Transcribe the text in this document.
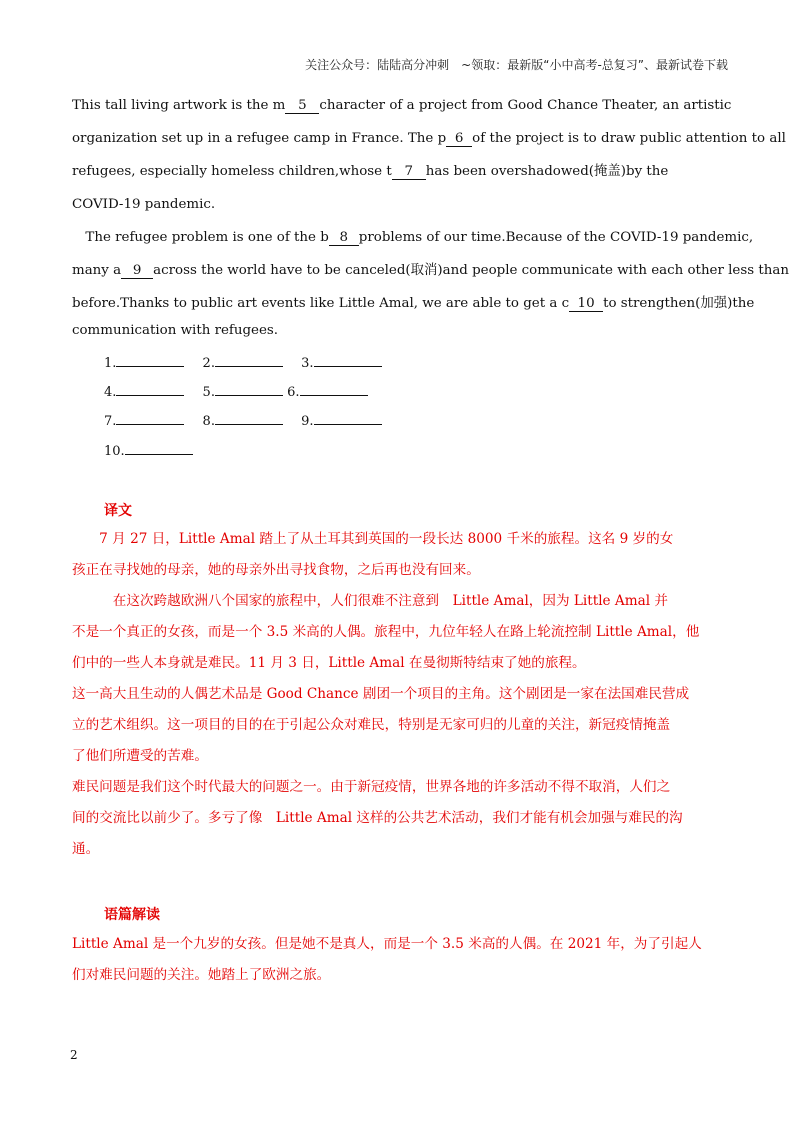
关注公众号：陆陆高分冲刺　~领取：最新版“小中高考-总复习”、最新试卷下载
This tall living artwork is the m 5 character of a project from Good Chance Theater, an artistic
organization set up in a refugee camp in France. The p 6 of the project is to draw public attention to all
refugees, especially homeless children,whose t 7 has been overshadowed(掩盖)by the
COVID-19 pandemic.
　The refugee problem is one of the b 8 problems of our time.Because of the COVID-19 pandemic,
many a 9 across the world have to be canceled(取消)and people communicate with each other less than
before.Thanks to public art events like Little Amal, we are able to get a c 10 to strengthen(加强)the
communication with refugees.
1.	2.	3.
4.	5.	6.
7.	8.	9.
10.
译文
　　7 月 27 日，Little Amal 踏上了从土耳其到英国的一段长达 8000 千米的旅程。这名 9 岁的女
孩正在寻找她的母亲，她的母亲外出寻找食物，之后再也没有回来。
　　　在这次跨越欧洲八个国家的旅程中，人们很难不注意到　Little Amal，因为 Little Amal 并
不是一个真正的女孩，而是一个 3.5 米高的人偶。旅程中，九位年轻人在路上轮流控制 Little Amal，他
们中的一些人本身就是难民。11 月 3 日，Little Amal 在曼彻斯特结束了她的旅程。
这一高大且生动的人偶艺术品是 Good Chance 剧团一个项目的主角。这个剧团是一家在法国难民营成
立的艺术组织。这一项目的目的在于引起公众对难民，特别是无家可归的儿童的关注，新冠疫情掩盖
了他们所遭受的苦难。
难民问题是我们这个时代最大的问题之一。由于新冠疫情，世界各地的许多活动不得不取消，人们之
间的交流比以前少了。多亏了像　Little Amal 这样的公共艺术活动，我们才能有机会加强与难民的沟
通。
语篇解读
Little Amal 是一个九岁的女孩。但是她不是真人，而是一个 3.5 米高的人偶。在 2021 年，为了引起人
们对难民问题的关注。她踏上了欧洲之旅。
2
